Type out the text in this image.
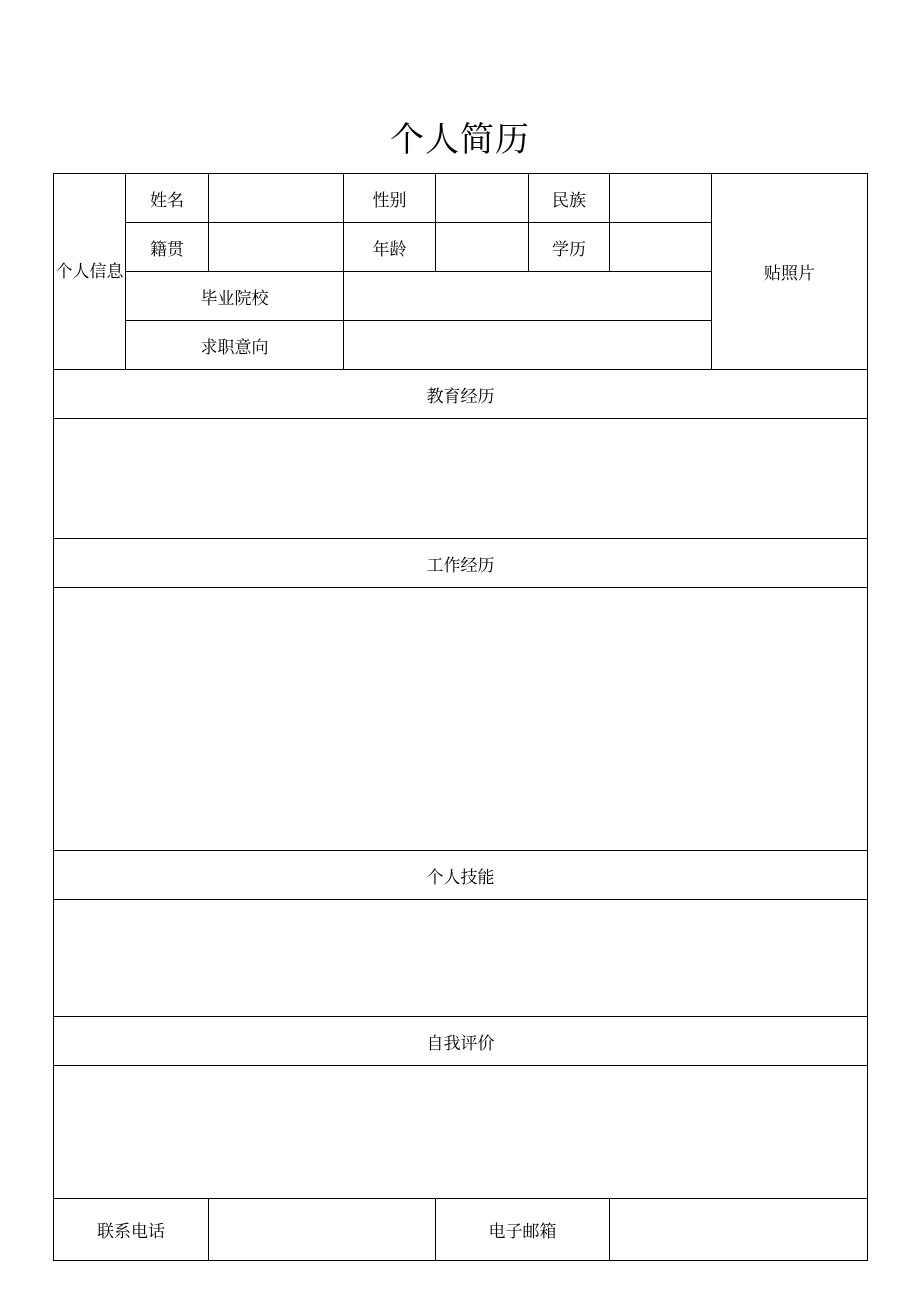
个人简历
个人信息	姓名		性别		民族		贴照片
	籍贯		年龄		学历		
	毕业院校						
	求职意向						
教育经历							

工作经历							

个人技能							

自我评价							

联系电话				电子邮箱			
